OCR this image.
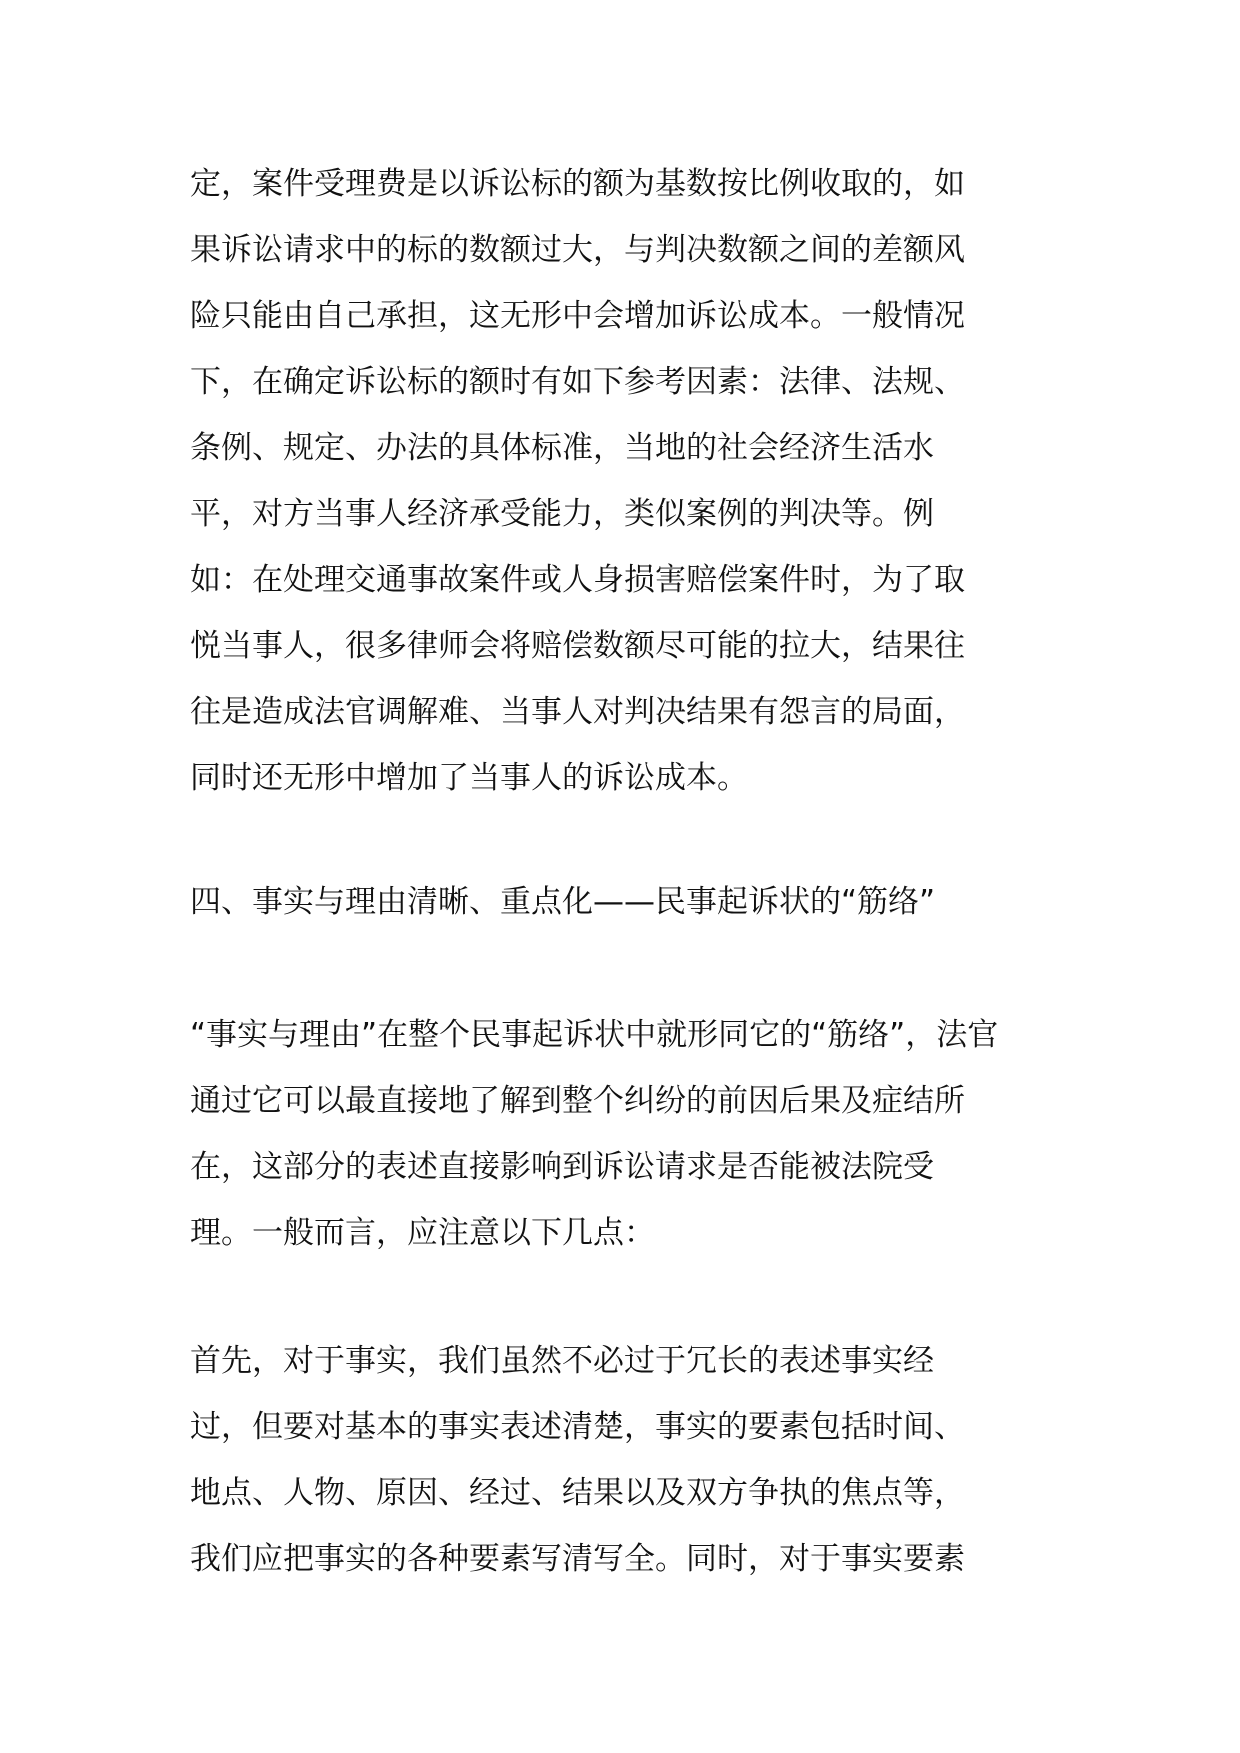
定，案件受理费是以诉讼标的额为基数按比例收取的，如
果诉讼请求中的标的数额过大，与判决数额之间的差额风
险只能由自己承担，这无形中会增加诉讼成本。一般情况
下，在确定诉讼标的额时有如下参考因素：法律、法规、
条例、规定、办法的具体标准，当地的社会经济生活水
平，对方当事人经济承受能力，类似案例的判决等。例
如：在处理交通事故案件或人身损害赔偿案件时，为了取
悦当事人，很多律师会将赔偿数额尽可能的拉大，结果往
往是造成法官调解难、当事人对判决结果有怨言的局面，
同时还无形中增加了当事人的诉讼成本。
四、事实与理由清晰、重点化——民事起诉状的“筋络”
“事实与理由”在整个民事起诉状中就形同它的“筋络”，法官
通过它可以最直接地了解到整个纠纷的前因后果及症结所
在，这部分的表述直接影响到诉讼请求是否能被法院受
理。一般而言，应注意以下几点：
首先，对于事实，我们虽然不必过于冗长的表述事实经
过，但要对基本的事实表述清楚，事实的要素包括时间、
地点、人物、原因、经过、结果以及双方争执的焦点等，
我们应把事实的各种要素写清写全。同时，对于事实要素
